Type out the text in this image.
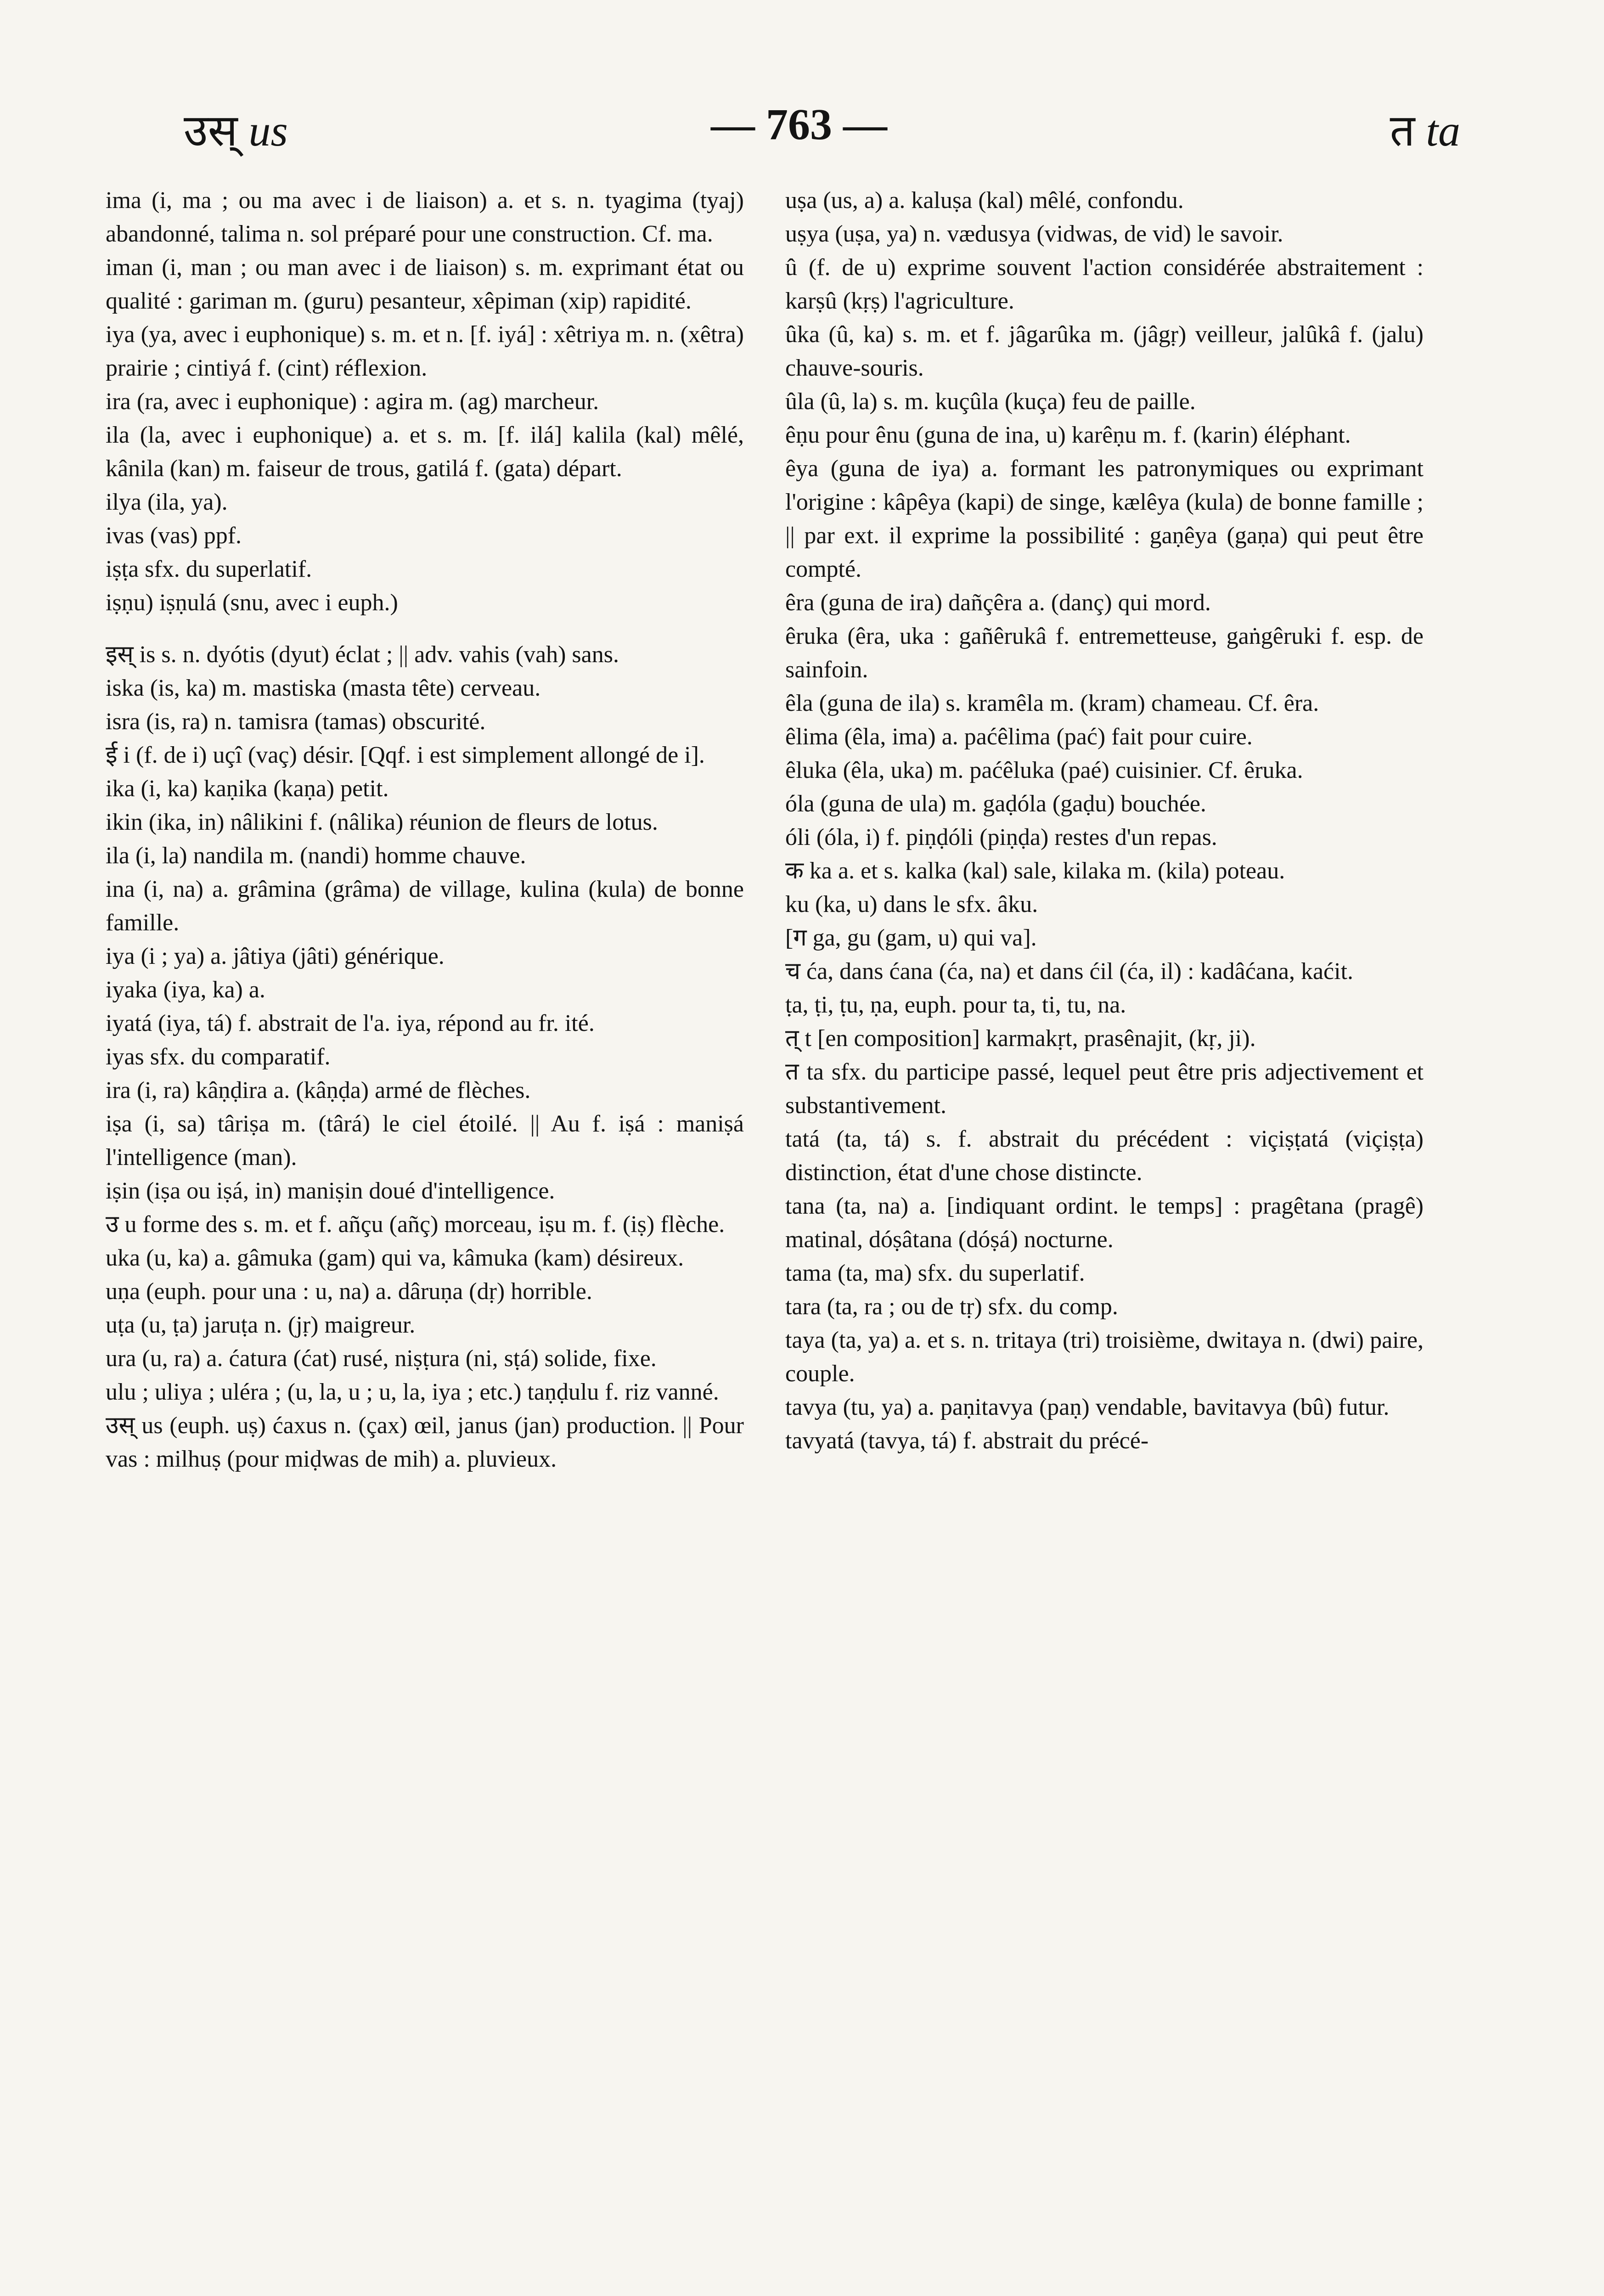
उस् us	— 763 —	त ta

ima (i, ma ; ou ma avec i de liaison) a. et s. n. tyagima (tyaj) abandonné, talima n. sol préparé pour une construction. Cf. ma.

iman (i, man ; ou man avec i de liaison) s. m. exprimant état ou qualité : gariman m. (guru) pesanteur, xêpiman (xip) rapidité.

iya (ya, avec i euphonique) s. m. et n. [f. iyá] : xêtriya m. n. (xêtra) prairie ; cintiyá f. (cint) réflexion.

ira (ra, avec i euphonique) : agira m. (ag) marcheur.

ila (la, avec i euphonique) a. et s. m. [f. ilá] kalila (kal) mêlé, kânila (kan) m. faiseur de trous, gatilá f. (gata) départ.

ilya (ila, ya).

ivas (vas) ppf.

iṣṭa sfx. du superlatif.

iṣṇu) iṣṇulá (snu, avec i euph.)

इस् is s. n. dyótis (dyut) éclat ; || adv. vahis (vah) sans.

iska (is, ka) m. mastiska (masta tête) cerveau.

isra (is, ra) n. tamisra (tamas) obscurité.

ई i (f. de i) uçî (vaç) désir. [Qqf. i est simplement allongé de i].

ika (i, ka) kaṇika (kaṇa) petit.

ikin (ika, in) nâlikini f. (nâlika) réunion de fleurs de lotus.

ila (i, la) nandila m. (nandi) homme chauve.

ina (i, na) a. grâmina (grâma) de village, kulina (kula) de bonne famille.

iya (i ; ya) a. jâtiya (jâti) générique.

iyaka (iya, ka) a.

iyatá (iya, tá) f. abstrait de l'a. iya, répond au fr. ité.

iyas sfx. du comparatif.

ira (i, ra) kâṇḍira a. (kâṇḍa) armé de flèches.

iṣa (i, sa) târiṣa m. (târá) le ciel étoilé. || Au f. iṣá : maniṣá l'intelligence (man).

iṣin (iṣa ou iṣá, in) maniṣin doué d'intelligence.

उ u forme des s. m. et f. añçu (añç) morceau, iṣu m. f. (iṣ) flèche.

uka (u, ka) a. gâmuka (gam) qui va, kâmuka (kam) désireux.

uṇa (euph. pour una : u, na) a. dâruṇa (dṛ) horrible.

uṭa (u, ṭa) jaruṭa n. (jṛ) maigreur.

ura (u, ra) a. ćatura (ćat) rusé, niṣṭura (ni, sṭá) solide, fixe.

ulu ; uliya ; uléra ; (u, la, u ; u, la, iya ; etc.) taṇḍulu f. riz vanné.

उस् us (euph. uṣ) ćaxus n. (çax) œil, janus (jan) production. || Pour vas : milhuṣ (pour miḍwas de mih) a. pluvieux.

uṣa (us, a) a. kaluṣa (kal) mêlé, confondu.

uṣya (uṣa, ya) n. vædusya (vidwas, de vid) le savoir.

û (f. de u) exprime souvent l'action considérée abstraitement : karṣû (kṛṣ) l'agriculture.

ûka (û, ka) s. m. et f. jâgarûka m. (jâgṛ) veilleur, jalûkâ f. (jalu) chauve-souris.

ûla (û, la) s. m. kuçûla (kuça) feu de paille.

êṇu pour ênu (guna de ina, u) karêṇu m. f. (karin) éléphant.

êya (guna de iya) a. formant les patronymiques ou exprimant l'origine : kâpêya (kapi) de singe, kælêya (kula) de bonne famille ; || par ext. il exprime la possibilité : gaṇêya (gaṇa) qui peut être compté.

êra (guna de ira) dañçêra a. (danç) qui mord.

êruka (êra, uka : gañêrukâ f. entremetteuse, gaṅgêruki f. esp. de sainfoin.

êla (guna de ila) s. kramêla m. (kram) chameau. Cf. êra.

êlima (êla, ima) a. paćêlima (pać) fait pour cuire.

êluka (êla, uka) m. paćêluka (paé) cuisinier. Cf. êruka.

óla (guna de ula) m. gaḍóla (gaḍu) bouchée.

óli (óla, i) f. piṇḍóli (piṇḍa) restes d'un repas.

क ka a. et s. kalka (kal) sale, kilaka m. (kila) poteau.

ku (ka, u) dans le sfx. âku.

[ग ga, gu (gam, u) qui va].

च ća, dans ćana (ća, na) et dans ćil (ća, il) : kadâćana, kaćit.

ṭa, ṭi, ṭu, ṇa, euph. pour ta, ti, tu, na.

त् t [en composition] karmakṛt, prasênajit, (kṛ, ji).

त ta sfx. du participe passé, lequel peut être pris adjectivement et substantivement.

tatá (ta, tá) s. f. abstrait du précédent : viçiṣṭatá (viçiṣṭa) distinction, état d'une chose distincte.

tana (ta, na) a. [indiquant ordint. le temps] : pragêtana (pragê) matinal, dóṣâtana (dóṣá) nocturne.

tama (ta, ma) sfx. du superlatif.

tara (ta, ra ; ou de tṛ) sfx. du comp.

taya (ta, ya) a. et s. n. tritaya (tri) troisième, dwitaya n. (dwi) paire, couple.

tavya (tu, ya) a. paṇitavya (paṇ) vendable, bavitavya (bû) futur.

tavyatá (tavya, tá) f. abstrait du précé-
